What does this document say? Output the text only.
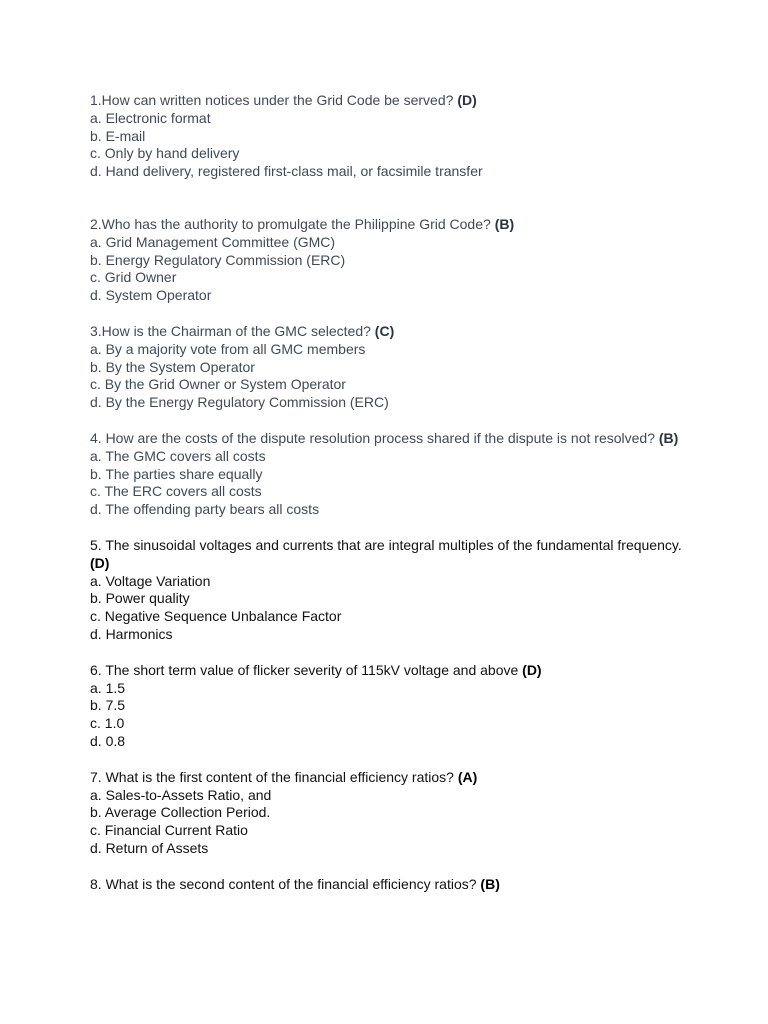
1.How can written notices under the Grid Code be served? (D)
a. Electronic format
b. E-mail
c. Only by hand delivery
d. Hand delivery, registered first-class mail, or facsimile transfer
2.Who has the authority to promulgate the Philippine Grid Code? (B)
a. Grid Management Committee (GMC)
b. Energy Regulatory Commission (ERC)
c. Grid Owner
d. System Operator
3.How is the Chairman of the GMC selected? (C)
a. By a majority vote from all GMC members
b. By the System Operator
c. By the Grid Owner or System Operator
d. By the Energy Regulatory Commission (ERC)
4. How are the costs of the dispute resolution process shared if the dispute is not resolved? (B)
a. The GMC covers all costs
b. The parties share equally
c. The ERC covers all costs
d. The offending party bears all costs
5. The sinusoidal voltages and currents that are integral multiples of the fundamental frequency. (D)
a. Voltage Variation
b. Power quality
c. Negative Sequence Unbalance Factor
d. Harmonics
6. The short term value of flicker severity of 115kV voltage and above (D)
a. 1.5
b. 7.5
c. 1.0
d. 0.8
7. What is the first content of the financial efficiency ratios? (A)
a. Sales-to-Assets Ratio, and
b. Average Collection Period.
c. Financial Current Ratio
d. Return of Assets
8. What is the second content of the financial efficiency ratios? (B)
